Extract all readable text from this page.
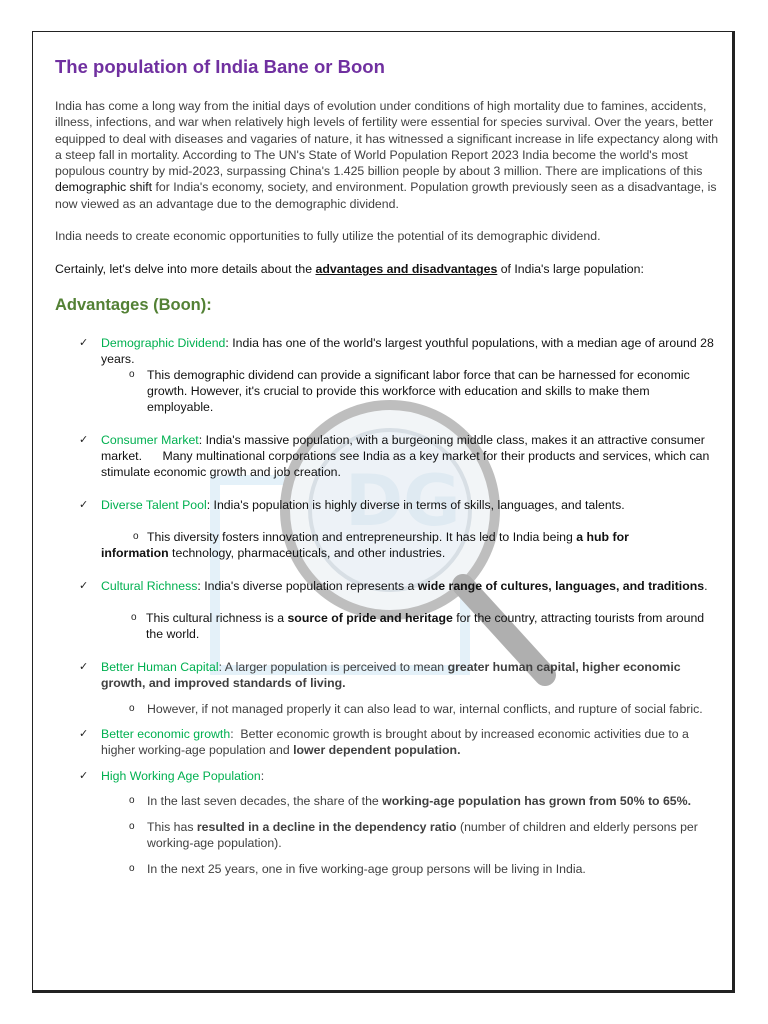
DG
The population of India Bane or Boon

India has come a long way from the initial days of evolution under conditions of high mortality due to famines, accidents, illness, infections, and war when relatively high levels of fertility were essential for species survival. Over the years, better equipped to deal with diseases and vagaries of nature, it has witnessed a significant increase in life expectancy along with a steep fall in mortality. According to The UN's State of World Population Report 2023 India become the world's most populous country by mid-2023, surpassing China's 1.425 billion people by about 3 million. There are implications of this demographic shift for India's economy, society, and environment. Population growth previously seen as a disadvantage, is now viewed as an advantage due to the demographic dividend.

India needs to create economic opportunities to fully utilize the potential of its demographic dividend.

Certainly, let's delve into more details about the advantages and disadvantages of India's large population:

Advantages (Boon):
✓ Demographic Dividend: India has one of the world's largest youthful populations, with a median age of around 28 years.
o This demographic dividend can provide a significant labor force that can be harnessed for economic growth. However, it's crucial to provide this workforce with education and skills to make them employable.
✓ Consumer Market: India's massive population, with a burgeoning middle class, makes it an attractive consumer market.      Many multinational corporations see India as a key market for their products and services, which can stimulate economic growth and job creation.
✓ Diverse Talent Pool: India's population is highly diverse in terms of skills, languages, and talents.
o This diversity fosters innovation and entrepreneurship. It has led to India being a hub for
information technology, pharmaceuticals, and other industries.
✓ Cultural Richness: India's diverse population represents a wide range of cultures, languages, and traditions.
o This cultural richness is a source of pride and heritage for the country, attracting tourists from around the world.
✓ Better Human Capital: A larger population is perceived to mean greater human capital, higher economic growth, and improved standards of living.
o However, if not managed properly it can also lead to war, internal conflicts, and rupture of social fabric.
✓ Better economic growth:  Better economic growth is brought about by increased economic activities due to a higher working-age population and lower dependent population.
✓ High Working Age Population:
o In the last seven decades, the share of the working-age population has grown from 50% to 65%.
o This has resulted in a decline in the dependency ratio (number of children and elderly persons per working-age population).
o In the next 25 years, one in five working-age group persons will be living in India.
